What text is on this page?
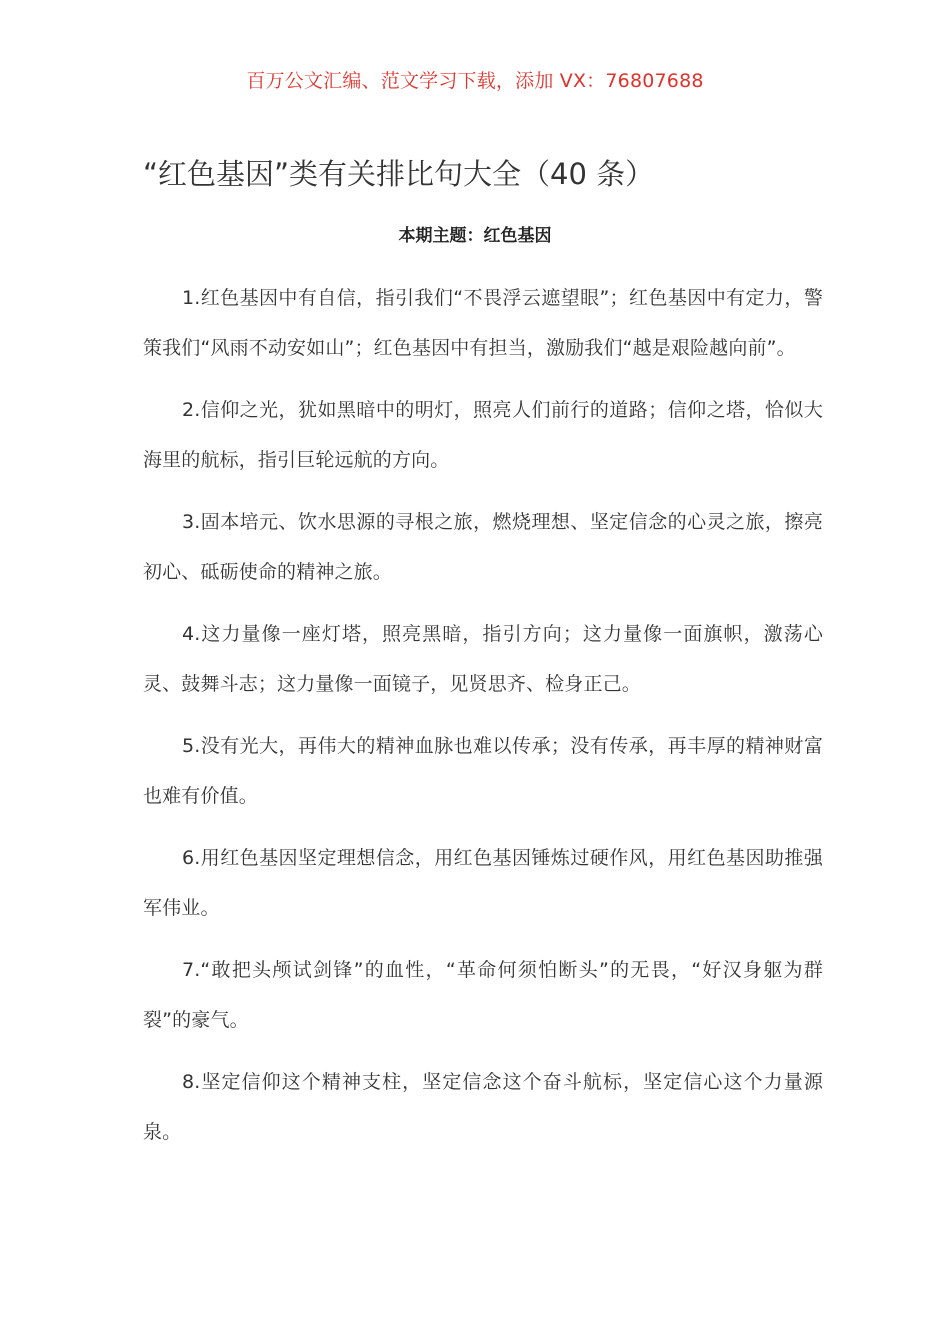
百万公文汇编、范文学习下载，添加 VX：76807688
“红色基因”类有关排比句大全（40 条）
本期主题：红色基因

1.红色基因中有自信，指引我们“不畏浮云遮望眼”；红色基因中有定力，警策我们“风雨不动安如山”；红色基因中有担当，激励我们“越是艰险越向前”。

2.信仰之光，犹如黑暗中的明灯，照亮人们前行的道路；信仰之塔，恰似大海里的航标，指引巨轮远航的方向。

3.固本培元、饮水思源的寻根之旅，燃烧理想、坚定信念的心灵之旅，擦亮初心、砥砺使命的精神之旅。

4.这力量像一座灯塔，照亮黑暗，指引方向；这力量像一面旗帜，激荡心灵、鼓舞斗志；这力量像一面镜子，见贤思齐、检身正己。

5.没有光大，再伟大的精神血脉也难以传承；没有传承，再丰厚的精神财富也难有价值。

6.用红色基因坚定理想信念，用红色基因锤炼过硬作风，用红色基因助推强军伟业。

7.“敢把头颅试剑锋”的血性，“革命何须怕断头”的无畏，“好汉身躯为群裂”的豪气。

8.坚定信仰这个精神支柱，坚定信念这个奋斗航标，坚定信心这个力量源泉。
